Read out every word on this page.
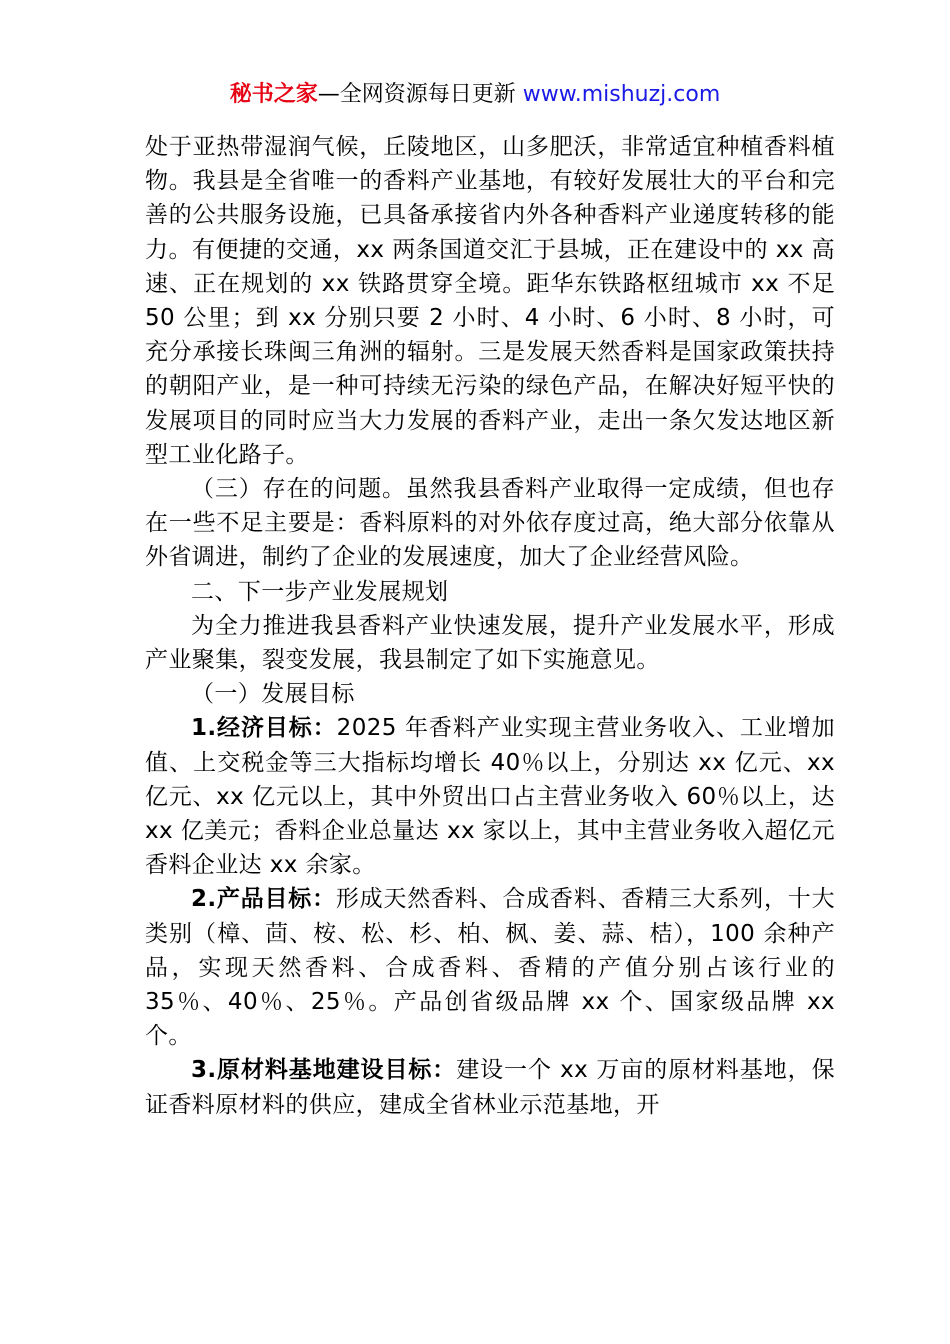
秘书之家—全网资源每日更新 www.mishuzj.com

处于亚热带湿润气候，丘陵地区，山多肥沃，非常适宜种植香料植物。我县是全省唯一的香料产业基地，有较好发展壮大的平台和完善的公共服务设施，已具备承接省内外各种香料产业递度转移的能力。有便捷的交通，xx 两条国道交汇于县城，正在建设中的 xx 高速、正在规划的 xx 铁路贯穿全境。距华东铁路枢纽城市 xx 不足 50 公里；到 xx 分别只要 2 小时、4 小时、6 小时、8 小时，可充分承接长珠闽三角洲的辐射。三是发展天然香料是国家政策扶持的朝阳产业，是一种可持续无污染的绿色产品，在解决好短平快的发展项目的同时应当大力发展的香料产业，走出一条欠发达地区新型工业化路子。

（三）存在的问题。虽然我县香料产业取得一定成绩，但也存在一些不足主要是：香料原料的对外依存度过高，绝大部分依靠从外省调进，制约了企业的发展速度，加大了企业经营风险。

二、下一步产业发展规划

为全力推进我县香料产业快速发展，提升产业发展水平，形成产业聚集，裂变发展，我县制定了如下实施意见。

（一）发展目标

1.经济目标：2025 年香料产业实现主营业务收入、工业增加值、上交税金等三大指标均增长 40％以上，分别达 xx 亿元、xx 亿元、xx 亿元以上，其中外贸出口占主营业务收入 60％以上，达 xx 亿美元；香料企业总量达 xx 家以上，其中主营业务收入超亿元香料企业达 xx 余家。

2.产品目标：形成天然香料、合成香料、香精三大系列，十大类别（樟、茴、桉、松、杉、柏、枫、姜、蒜、桔），100 余种产品，实现天然香料、合成香料、香精的产值分别占该行业的 35％、40％、25％。产品创省级品牌 xx 个、国家级品牌 xx 个。

3.原材料基地建设目标：建设一个 xx 万亩的原材料基地，保证香料原材料的供应，建成全省林业示范基地，开
